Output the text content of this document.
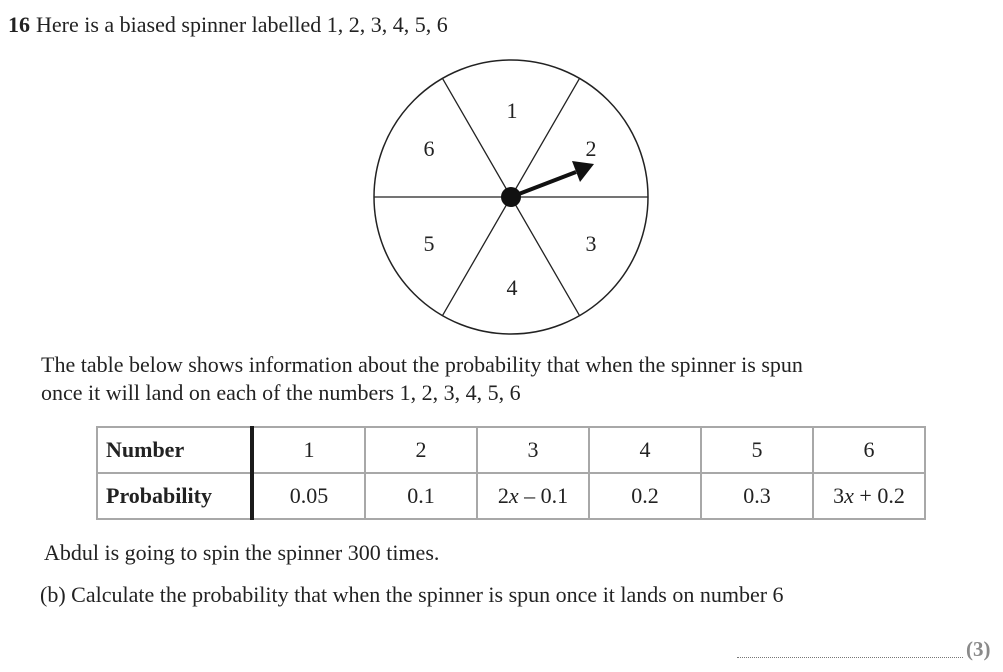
16 Here is a biased spinner labelled 1, 2, 3, 4, 5, 6
1
2
3
4
5
6
The table below shows information about the probability that when the spinner is spun
once it will land on each of the numbers 1, 2, 3, 4, 5, 6
Number	1	2	3	4	5	6
Probability	0.05	0.1	2x – 0.1	0.2	0.3	3x + 0.2
Abdul is going to spin the spinner 300 times.
(b) Calculate the probability that when the spinner is spun once it lands on number 6
(3)
